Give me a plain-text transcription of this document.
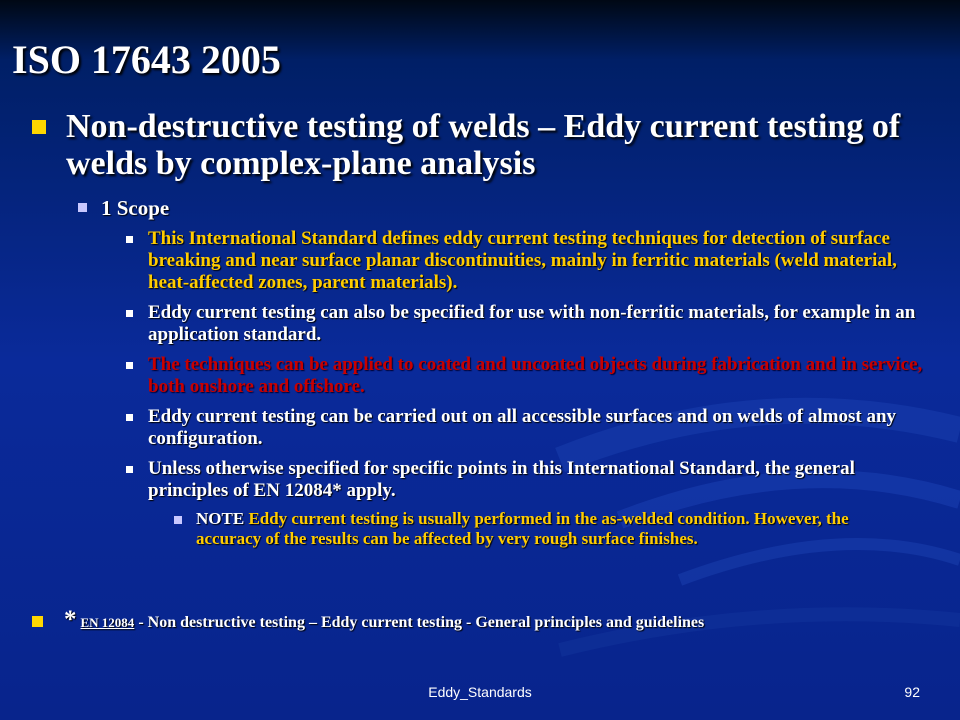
ISO 17643 2005
Non-destructive testing of welds – Eddy current testing of welds by complex-plane analysis
1 Scope
This International Standard defines eddy current testing techniques for detection of surface breaking and near surface planar discontinuities, mainly in ferritic materials (weld material, heat-affected zones, parent materials).
Eddy current testing can also be specified for use with non-ferritic materials, for example in an application standard.
The techniques can be applied to coated and uncoated objects during fabrication and in service, both onshore and offshore.
Eddy current testing can be carried out on all accessible surfaces and on welds of almost any configuration.
Unless otherwise specified for specific points in this International Standard, the general principles of EN 12084* apply.
NOTE Eddy current testing is usually performed in the as-welded condition. However, the accuracy of the results can be affected by very rough surface finishes.
* EN 12084 - Non destructive testing – Eddy current testing - General principles and guidelines
Eddy_Standards	92
